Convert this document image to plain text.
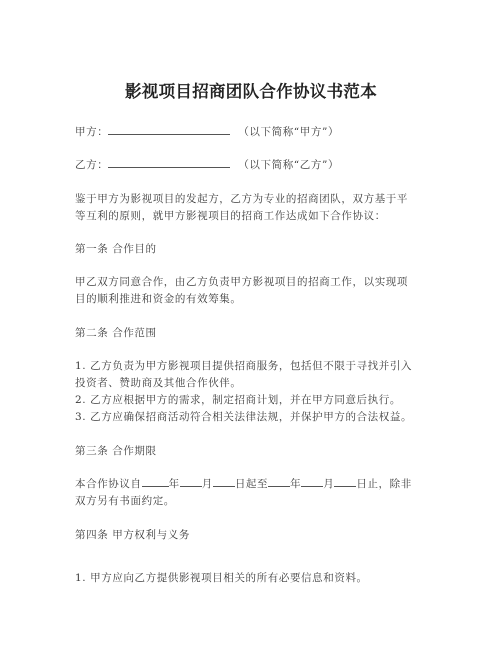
影视项目招商团队合作协议书范本
甲方：	（以下简称“甲方”）
乙方：	（以下简称“乙方”）
鉴于甲方为影视项目的发起方，乙方为专业的招商团队，双方基于平
等互利的原则，就甲方影视项目的招商工作达成如下合作协议：
第一条 合作目的
甲乙双方同意合作，由乙方负责甲方影视项目的招商工作，以实现项
目的顺利推进和资金的有效筹集。
第二条 合作范围
1. 乙方负责为甲方影视项目提供招商服务，包括但不限于寻找并引入
投资者、赞助商及其他合作伙伴。
2. 乙方应根据甲方的需求，制定招商计划，并在甲方同意后执行。
3. 乙方应确保招商活动符合相关法律法规，并保护甲方的合法权益。
第三条 合作期限
本合作协议自	年 月 日起至 年 月 日止，除非
双方另有书面约定。
第四条 甲方权利与义务
1. 甲方应向乙方提供影视项目相关的所有必要信息和资料。
